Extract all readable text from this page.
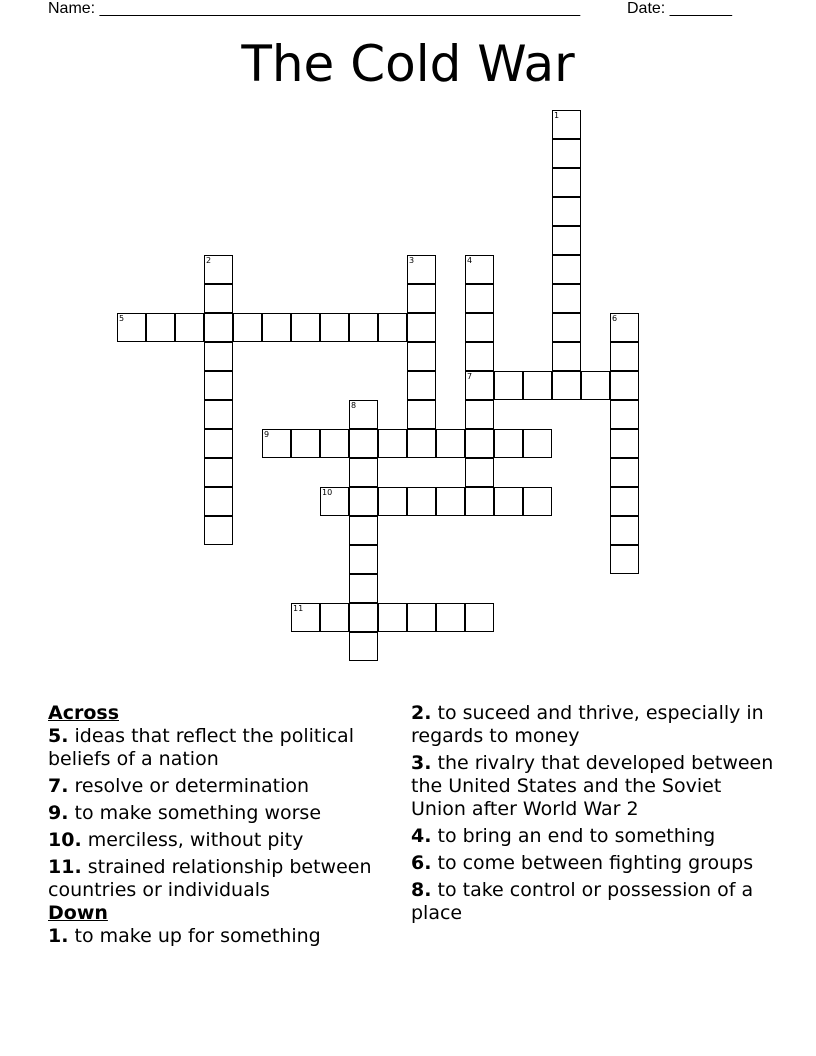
Name: ______________________________________________________	Date: _______
The Cold War
1
2	3	4
5	6
7
8
9
10
11
Across
5. ideas that reflect the political beliefs of a nation
7. resolve or determination
9. to make something worse
10. merciless, without pity
11. strained relationship between countries or individuals
Down
1. to make up for something
2. to suceed and thrive, especially in regards to money
3. the rivalry that developed between the United States and the Soviet Union after World War 2
4. to bring an end to something
6. to come between fighting groups
8. to take control or possession of a place
